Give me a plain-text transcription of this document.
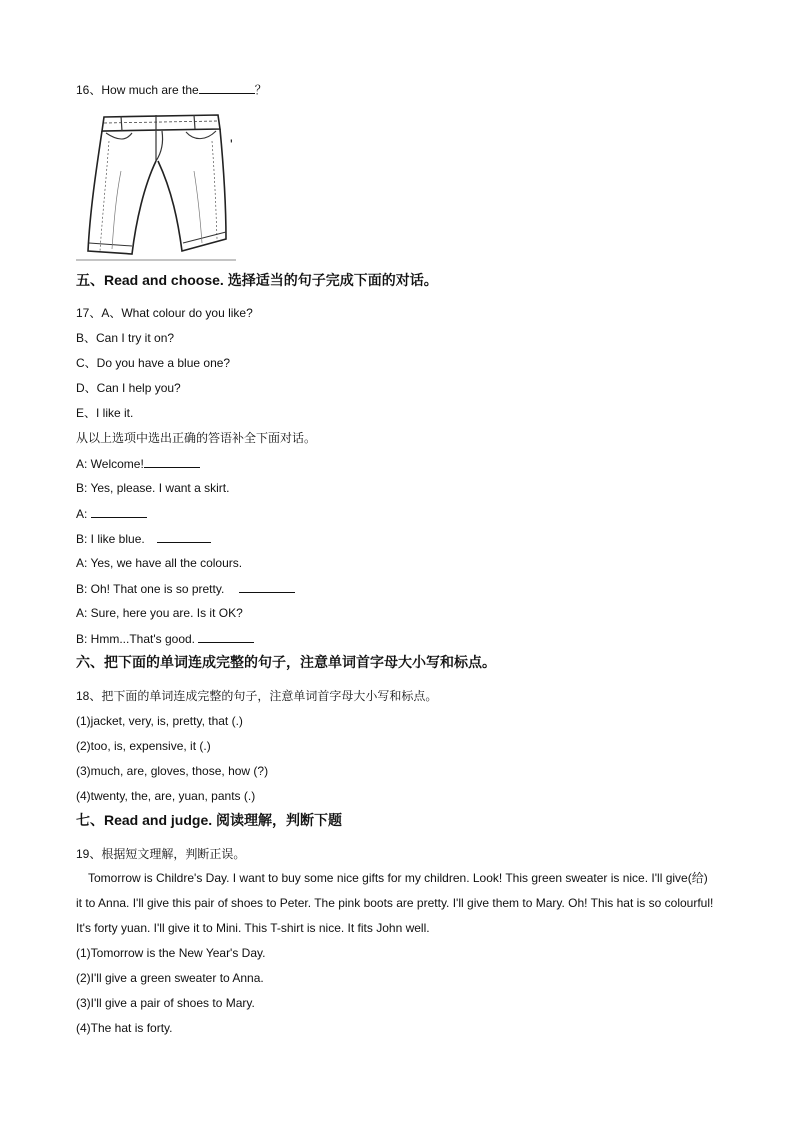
16、How much are the	？
'
五、Read and choose. 选择适当的句子完成下面的对话。
17、A、What colour do you like?
B、Can I try it on?
C、Do you have a blue one?
D、Can I help you?
E、I like it.
从以上选项中选出正确的答语补全下面对话。
A: Welcome!
B: Yes, please. I want a skirt.
A:
B: I like blue.
A: Yes, we have all the colours.
B: Oh! That one is so pretty.
A: Sure, here you are. Is it OK?
B: Hmm...That's good.
六、把下面的单词连成完整的句子，注意单词首字母大小写和标点。
18、把下面的单词连成完整的句子，注意单词首字母大小写和标点。
(1)jacket, very, is, pretty, that (.)
(2)too, is, expensive, it (.)
(3)much, are, gloves, those, how (?)
(4)twenty, the, are, yuan, pants (.)
七、Read and judge. 阅读理解，判断下题
19、根据短文理解，判断正误。
Tomorrow is Childre's Day. I want to buy some nice gifts for my children. Look! This green sweater is nice. I'll give(给) it to Anna. I'll give this pair of shoes to Peter. The pink boots are pretty. I'll give them to Mary. Oh! This hat is so colourful! It's forty yuan. I'll give it to Mini. This T-shirt is nice. It fits John well.
(1)Tomorrow is the New Year's Day.
(2)I'll give a green sweater to Anna.
(3)I'll give a pair of shoes to Mary.
(4)The hat is forty.
